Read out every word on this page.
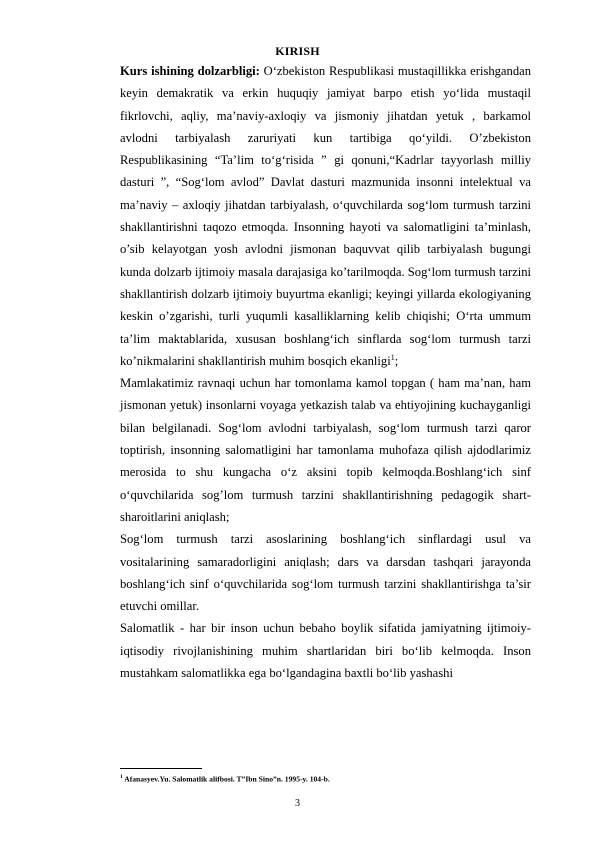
KIRISH

Kurs ishining dolzarbligi: O‘zbekiston Respublikasi mustaqillikka erishgandan keyin demakratik va erkin huquqiy jamiyat barpo etish yo‘lida mustaqil fikrlovchi, aqliy, ma’naviy-axloqiy va jismoniy jihatdan yetuk , barkamol avlodni tarbiyalash zaruriyati kun tartibiga qo‘yildi. O’zbekiston Respublikasining “Ta’lim to‘g‘risida ” gi qonuni,“Kadrlar tayyorlash milliy dasturi ”, “Sog‘lom avlod” Davlat dasturi mazmunida insonni intelektual va ma’naviy – axloqiy jihatdan tarbiyalash, o‘quvchilarda sog‘lom turmush tarzini shakllantirishni taqozo etmoqda. Insonning hayoti va salomatligini ta’minlash, o’sib kelayotgan yosh avlodni jismonan baquvvat qilib tarbiyalash bugungi kunda dolzarb ijtimoiy masala darajasiga ko’tarilmoqda. Sog‘lom turmush tarzini shakllantirish dolzarb ijtimoiy buyurtma ekanligi; keyingi yillarda ekologiyaning keskin o’zgarishi, turli yuqumli kasalliklarning kelib chiqishi; O‘rta ummum ta’lim maktablarida, xususan boshlang‘ich sinflarda sog‘lom turmush tarzi ko’nikmalarini shakllantirish muhim bosqich ekanligi$^1$;

Mamlakatimiz ravnaqi uchun har tomonlama kamol topgan ( ham ma’nan, ham jismonan yetuk) insonlarni voyaga yetkazish talab va ehtiyojining kuchayganligi bilan belgilanadi. Sog‘lom avlodni tarbiyalash, sog‘lom turmush tarzi qaror toptirish, insonning salomatligini har tamonlama muhofaza qilish ajdodlarimiz merosida to shu kungacha o‘z aksini topib kelmoqda.Boshlang‘ich sinf o‘quvchilarida sog’lom turmush tarzini shakllantirishning pedagogik shart-sharoitlarini aniqlash;

Sog‘lom turmush tarzi asoslarining boshlang‘ich sinflardagi usul va vositalarining samaradorligini aniqlash; dars va darsdan tashqari jarayonda boshlang‘ich sinf o‘quvchilarida sog‘lom turmush tarzini shakllantirishga ta’sir etuvchi omillar.

Salomatlik - har bir inson uchun bebaho boylik sifatida jamiyatning ijtimoiy-iqtisodiy rivojlanishining muhim shartlaridan biri bo‘lib kelmoqda. Inson mustahkam salomatlikka ega bo‘lgandagina baxtli bo‘lib yashashi

$^1$ Afanasyev.Yu. Salomatlik alifbosi. T”Ibn Sino”n. 1995-y. 104-b.
3
